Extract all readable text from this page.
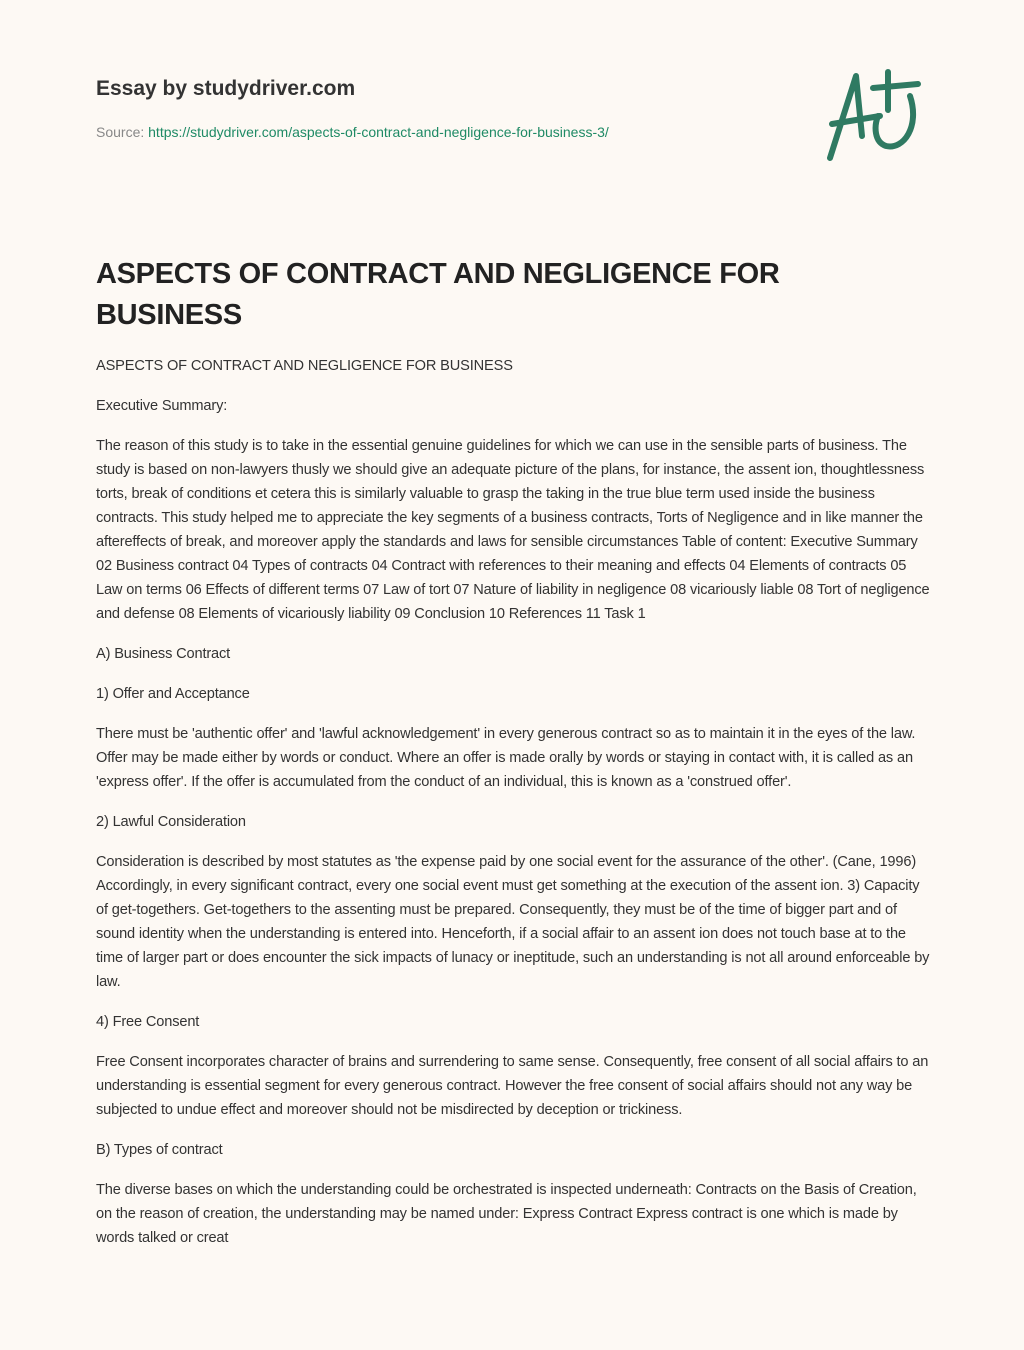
Essay by studydriver.com
Source: https://studydriver.com/aspects-of-contract-and-negligence-for-business-3/
ASPECTS OF CONTRACT AND NEGLIGENCE FOR BUSINESS

ASPECTS OF CONTRACT AND NEGLIGENCE FOR BUSINESS

Executive Summary:

The reason of this study is to take in the essential genuine guidelines for which we can use in the sensible parts of business. The study is based on non-lawyers thusly we should give an adequate picture of the plans, for instance, the assent ion, thoughtlessness torts, break of conditions et cetera this is similarly valuable to grasp the taking in the true blue term used inside the business contracts. This study helped me to appreciate the key segments of a business contracts, Torts of Negligence and in like manner the aftereffects of break, and moreover apply the standards and laws for sensible circumstances Table of content: Executive Summary 02 Business contract 04 Types of contracts 04 Contract with references to their meaning and effects 04 Elements of contracts 05 Law on terms 06 Effects of different terms 07 Law of tort 07 Nature of liability in negligence 08 vicariously liable 08 Tort of negligence and defense 08 Elements of vicariously liability 09 Conclusion 10 References 11 Task 1

A) Business Contract

1) Offer and Acceptance

There must be 'authentic offer' and 'lawful acknowledgement' in every generous contract so as to maintain it in the eyes of the law. Offer may be made either by words or conduct. Where an offer is made orally by words or staying in contact with, it is called as an 'express offer'. If the offer is accumulated from the conduct of an individual, this is known as a 'construed offer'.

2) Lawful Consideration

Consideration is described by most statutes as 'the expense paid by one social event for the assurance of the other'. (Cane, 1996) Accordingly, in every significant contract, every one social event must get something at the execution of the assent ion. 3) Capacity of get-togethers. Get-togethers to the assenting must be prepared. Consequently, they must be of the time of bigger part and of sound identity when the understanding is entered into. Henceforth, if a social affair to an assent ion does not touch base at to the time of larger part or does encounter the sick impacts of lunacy or ineptitude, such an understanding is not all around enforceable by law.

4) Free Consent

Free Consent incorporates character of brains and surrendering to same sense. Consequently, free consent of all social affairs to an understanding is essential segment for every generous contract. However the free consent of social affairs should not any way be subjected to undue effect and moreover should not be misdirected by deception or trickiness.

B) Types of contract

The diverse bases on which the understanding could be orchestrated is inspected underneath: Contracts on the Basis of Creation, on the reason of creation, the understanding may be named under: Express Contract Express contract is one which is made by words talked or creat
